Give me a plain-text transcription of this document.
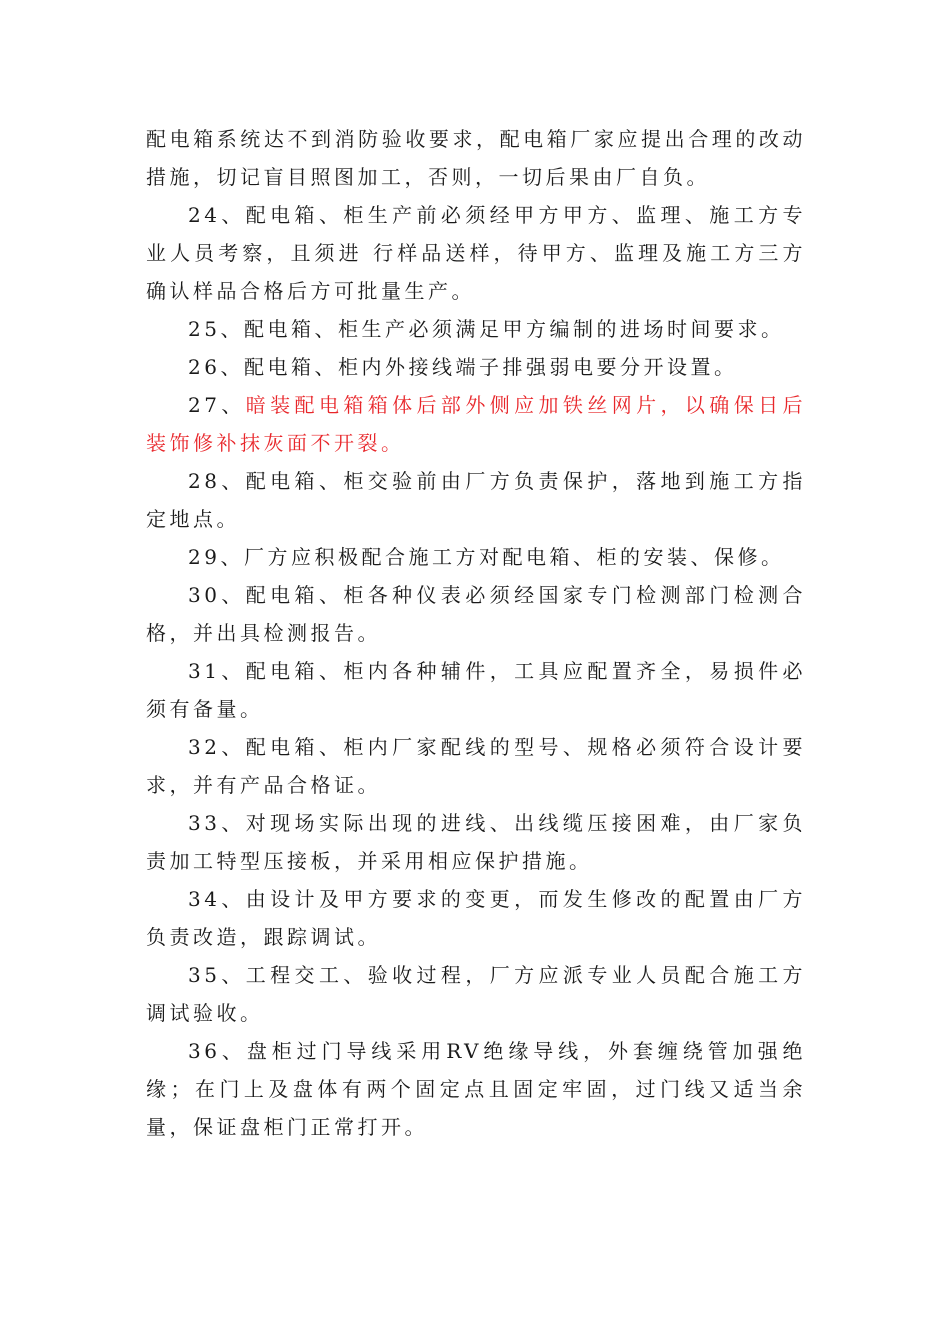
配电箱系统达不到消防验收要求，配电箱厂家应提出合理的改动措施，切记盲目照图加工，否则，一切后果由厂自负。

24、配电箱、柜生产前必须经甲方甲方、监理、施工方专业人员考察，且须进 行样品送样，待甲方、监理及施工方三方确认样品合格后方可批量生产。

25、配电箱、柜生产必须满足甲方编制的进场时间要求。

26、配电箱、柜内外接线端子排强弱电要分开设置。

27、暗装配电箱箱体后部外侧应加铁丝网片，以确保日后装饰修补抹灰面不开裂。

28、配电箱、柜交验前由厂方负责保护，落地到施工方指定地点。

29、厂方应积极配合施工方对配电箱、柜的安装、保修。

30、配电箱、柜各种仪表必须经国家专门检测部门检测合格，并出具检测报告。

31、配电箱、柜内各种辅件，工具应配置齐全，易损件必须有备量。

32、配电箱、柜内厂家配线的型号、规格必须符合设计要求，并有产品合格证。

33、对现场实际出现的进线、出线缆压接困难，由厂家负责加工特型压接板，并采用相应保护措施。

34、由设计及甲方要求的变更，而发生修改的配置由厂方负责改造，跟踪调试。

35、工程交工、验收过程，厂方应派专业人员配合施工方调试验收。

36、盘柜过门导线采用RV绝缘导线，外套缠绕管加强绝缘；在门上及盘体有两个固定点且固定牢固，过门线又适当余量，保证盘柜门正常打开。
